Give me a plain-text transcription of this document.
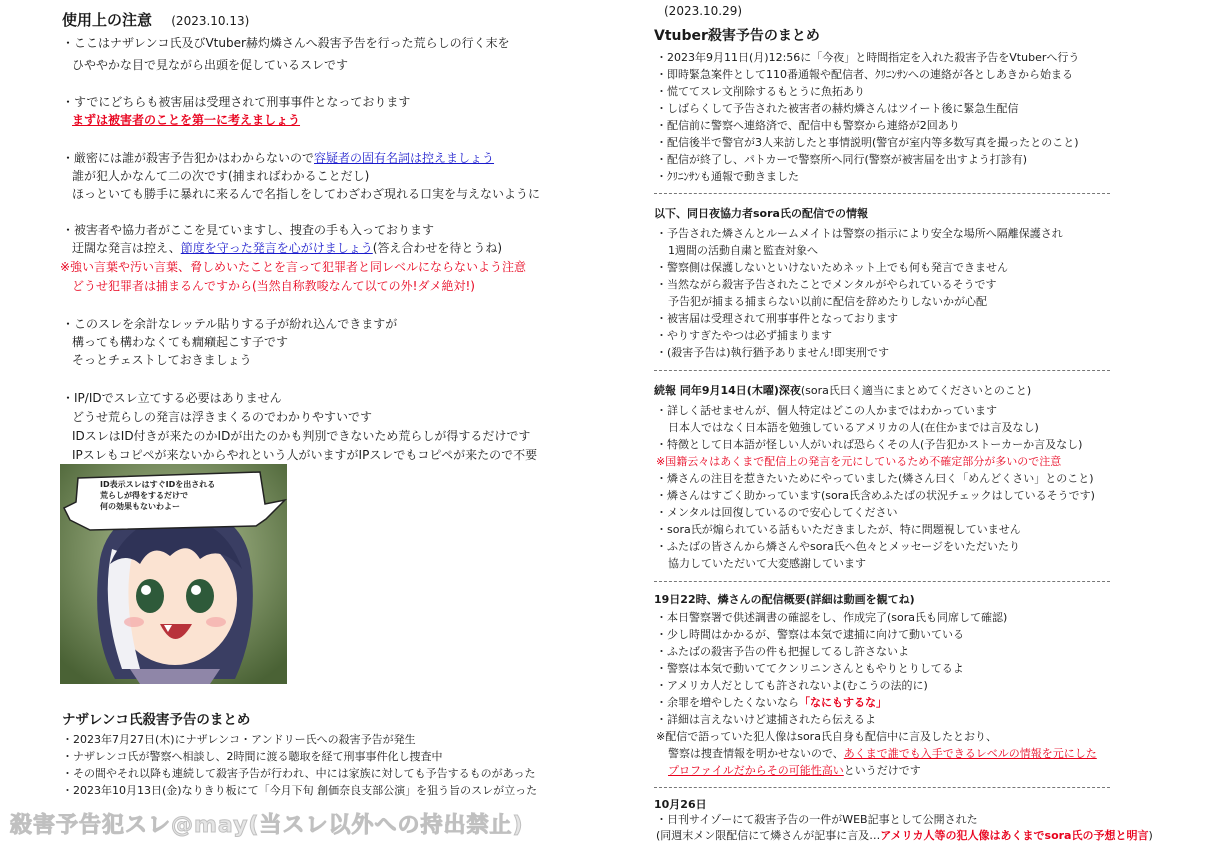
使用上の注意 (2023.10.13)
・ここはナザレンコ氏及びVtuber赫灼燐さんへ殺害予告を行った荒らしの行く末を
ひややかな目で見ながら出頭を促しているスレです
・すでにどちらも被害届は受理されて刑事事件となっております
まずは被害者のことを第一に考えましょう
・厳密には誰が殺害予告犯かはわからないので容疑者の固有名詞は控えましょう
誰が犯人かなんて二の次です(捕まればわかることだし)
ほっといても勝手に暴れに来るんで名指しをしてわざわざ現れる口実を与えないように
・被害者や協力者がここを見ていますし、捜査の手も入っております
迂闊な発言は控え、節度を守った発言を心がけましょう(答え合わせを待とうね)
※強い言葉や汚い言葉、脅しめいたことを言って犯罪者と同レベルにならないよう注意
どうせ犯罪者は捕まるんですから(当然自称教唆なんて以ての外!ダメ絶対!)
・このスレを余計なレッテル貼りする子が紛れ込んできますが
構っても構わなくても癇癪起こす子です
そっとチェストしておきましょう
・IP/IDでスレ立てする必要はありません
どうせ荒らしの発言は浮きまくるのでわかりやすいです
IDスレはID付きが来たのかIDが出たのかも判別できないため荒らしが得するだけです
IPスレもコピペが来ないからやれという人がいますがIPスレでもコピペが来たので不要
ID表示スレはすぐIDを出される
荒らしが得をするだけで
何の効果もないわよー
ナザレンコ氏殺害予告のまとめ
・2023年7月27日(木)にナザレンコ・アンドリー氏への殺害予告が発生
・ナザレンコ氏が警察へ相談し、2時間に渡る聴取を経て刑事事件化し捜査中
・その間やそれ以降も連続して殺害予告が行われ、中には家族に対しても予告するものがあった
・2023年10月13日(金)なりきり板にて「今月下旬 創価奈良支部公演」を狙う旨のスレが立った
殺害予告犯スレ@may(当スレ以外への持出禁止)
(2023.10.29)
Vtuber殺害予告のまとめ
・2023年9月11日(月)12:56に「今夜」と時間指定を入れた殺害予告をVtuberへ行う
・即時緊急案件として110番通報や配信者、ｸﾘﾆﾝｻﾝへの連絡が各としあきから始まる
・慌ててスレ文削除するもとうに魚拓あり
・しばらくして予告された被害者の赫灼燐さんはツイート後に緊急生配信
・配信前に警察へ連絡済で、配信中も警察から連絡が2回あり
・配信後半で警官が3人来訪したと事情説明(警官が室内等多数写真を撮ったとのこと)
・配信が終了し、パトカーで警察所へ同行(警察が被害届を出すよう打診有)
・ｸﾘﾆﾝｻﾝも通報で動きました
以下、同日夜協力者sora氏の配信での情報
・予告された燐さんとルームメイトは警察の指示により安全な場所へ隔離保護され
1週間の活動自粛と監査対象へ
・警察側は保護しないといけないためネット上でも何も発言できません
・当然ながら殺害予告されたことでメンタルがやられているそうです
予告犯が捕まる捕まらない以前に配信を辞めたりしないかが心配
・被害届は受理されて刑事事件となっております
・やりすぎたやつは必ず捕まります
・(殺害予告は)執行猶予ありません!即実刑です
続報 同年9月14日(木曜)深夜(sora氏曰く適当にまとめてくださいとのこと)
・詳しく話せませんが、個人特定はどこの人かまではわかっています
日本人ではなく日本語を勉強しているアメリカの人(在住かまでは言及なし)
・特徴として日本語が怪しい人がいれば恐らくその人(予告犯かストーカーか言及なし)
※国籍云々はあくまで配信上の発言を元にしているため不確定部分が多いので注意
・燐さんの注目を惹きたいためにやっていました(燐さん曰く「めんどくさい」とのこと)
・燐さんはすごく助かっています(sora氏含めふたばの状況チェックはしているそうです)
・メンタルは回復しているので安心してください
・sora氏が煽られている話もいただきましたが、特に問題視していません
・ふたばの皆さんから燐さんやsora氏へ色々とメッセージをいただいたり
協力していただいて大変感謝しています
19日22時、燐さんの配信概要(詳細は動画を観てね)
・本日警察署で供述調書の確認をし、作成完了(sora氏も同席して確認)
・少し時間はかかるが、警察は本気で逮捕に向けて動いている
・ふたばの殺害予告の件も把握してるし許さないよ
・警察は本気で動いててクンリニンさんともやりとりしてるよ
・アメリカ人だとしても許されないよ(むこうの法的に)
・余罪を増やしたくないなら「なにもするな」
・詳細は言えないけど逮捕されたら伝えるよ
※配信で語っていた犯人像はsora氏自身も配信中に言及したとおり、
警察は捜査情報を明かせないので、あくまで誰でも入手できるレベルの情報を元にした
プロファイルだからその可能性高いというだけです
10月26日
・日刊サイゾーにて殺害予告の一件がWEB記事として公開された
(同週末メン限配信にて燐さんが記事に言及…アメリカ人等の犯人像はあくまでsora氏の予想と明言)
